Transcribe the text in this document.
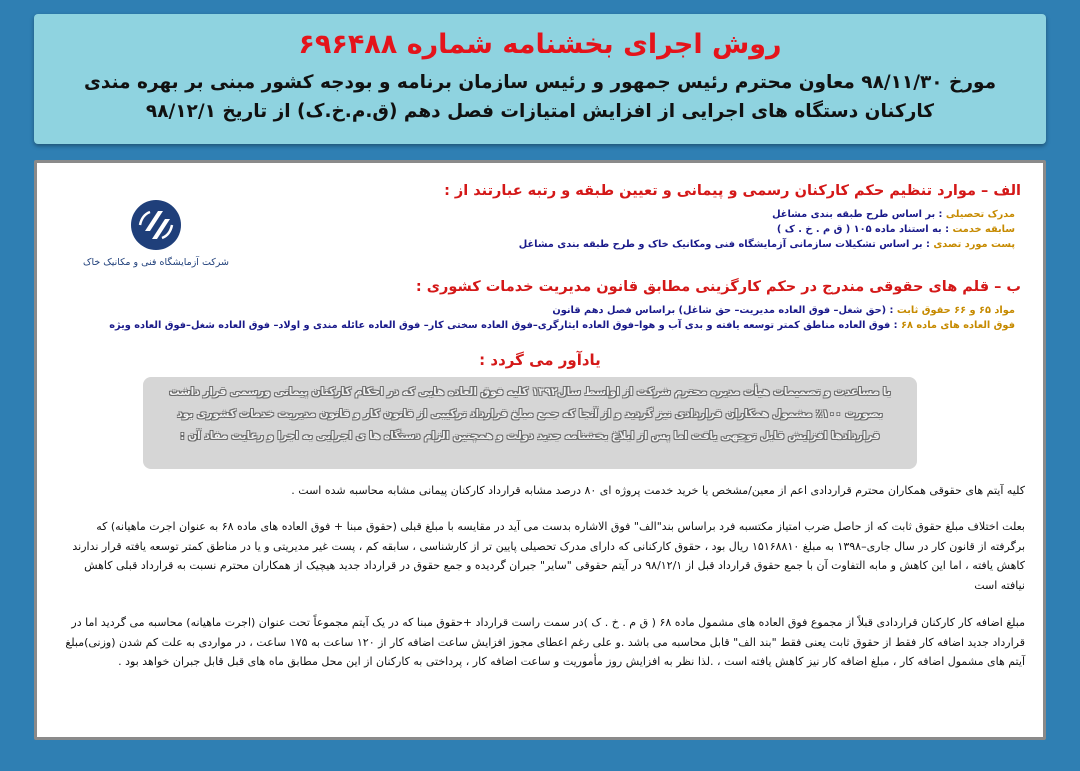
روش اجرای بخشنامه شماره ۶۹۶۴۸۸
مورخ ۹۸/۱۱/۳۰ معاون محترم رئیس جمهور و رئیس سازمان برنامه و بودجه کشور مبنی بر بهره مندی
کارکنان دستگاه های اجرایی از افزایش امتیازات فصل دهم (ق.م.خ.ک) از تاریخ ۹۸/۱۲/۱
شرکت آزمایشگاه فنی و مکانیک خاک
الف – موارد تنظیم حکم کارکنان رسمی و پیمانی و تعیین طبقه و رتبه عبارتند از :
مدرک تحصیلی : بر اساس طرح طبقه بندی مشاغل
سابقه خدمت : به استناد ماده ۱۰۵ ( ق م . خ . ک )
پست مورد تصدی : بر اساس تشکیلات سازمانی آزمایشگاه فنی ومکانیک خاک و طرح طبقه بندی مشاغل
ب – قلم های حقوقی مندرج در حکم کارگزینی مطابق قانون مدیریت خدمات کشوری :
مواد ۶۵ و ۶۶ حقوق ثابت : (حق شغل– فوق العاده مدیریت– حق شاغل) براساس فصل دهم قانون
فوق العاده های ماده ۶۸ : فوق العاده مناطق کمتر توسعه یافته و بدی آب و هوا–فوق العاده ایثارگری–فوق العاده سختی کار– فوق العاده عائله مندی و اولاد– فوق العاده شغل–فوق العاده ویژه
یادآور می گردد :

با مساعدت و تصمیمات هیأت مدیره محترم شرکت از اواسط سال۱۳۹۲ کلیه فوق العاده هایی که در احکام کارکنان پیمانی ورسمی قرار داشت

بصورت ۱۰۰٪ مشمول همکاران قراردادی نیز گردید و از آنجا که جمع مبلغ قرارداد ترکیبی از قانون کار و قانون مدیریت خدمات کشوری بود

قراردادها افزایش قابل توجهی یافت اما پس از ابلاغ بخشنامه جدید دولت و همچنین الزام دستگاه ها ی اجرایی به اجرا و رعایت مفاد آن :

کلیه آیتم های حقوقی همکاران محترم قراردادی اعم از معین/مشخص یا خرید خدمت پروژه ای ۸۰ درصد مشابه قرارداد کارکنان پیمانی مشابه محاسبه شده است .
بعلت اختلاف مبلغ حقوق ثابت که از حاصل ضرب امتیاز مکتسبه فرد براساس بند"الف" فوق الاشاره بدست می آید در مقایسه با مبلغ قبلی (حقوق مبنا + فوق العاده های ماده ۶۸ به عنوان اجرت ماهیانه) که برگرفته از قانون کار در سال جاری–۱۳۹۸ به مبلغ ۱۵۱۶۸۸۱۰ ریال بود ، حقوق کارکنانی که دارای مدرک تحصیلی پایین تر از کارشناسی ، سابقه کم ، پست غیر مدیریتی و یا در مناطق کمتر توسعه یافته قرار ندارند کاهش یافته ، اما این کاهش و مابه التفاوت آن با جمع حقوق قرارداد قبل از ۹۸/۱۲/۱ در آیتم حقوقی "سایر" جبران گردیده و جمع حقوق در قرارداد جدید هیچیک از همکاران محترم نسبت به قرارداد قبلی کاهش نیافته است
مبلغ اضافه کار کارکنان قراردادی قبلاً از مجموع فوق العاده های مشمول ماده ۶۸ ( ق م . خ . ک )در سمت راست قرارداد +حقوق مبنا که در یک آیتم مجموعاً تحت عنوان (اجرت ماهیانه) محاسبه می گردید اما در قرارداد جدید اضافه کار فقط از حقوق ثابت یعنی فقط "بند الف" قابل محاسبه می باشد .و علی رغم اعطای مجوز افزایش ساعت اضافه کار از ۱۲۰ ساعت به ۱۷۵ ساعت ، در مواردی به علت کم شدن (وزنی)مبلغ آیتم های مشمول اضافه کار ، مبلغ اضافه کار نیز کاهش یافته است ، .لذا نظر به افزایش روز مأموریت و ساعت اضافه کار ، پرداختی به کارکنان از این محل مطابق ماه های قبل قابل جبران خواهد بود .
